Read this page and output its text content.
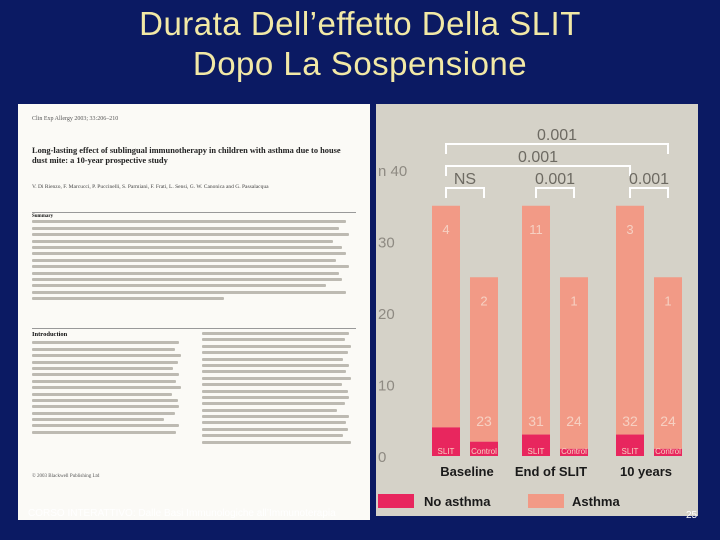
Durata Dell’effetto Della SLIT
Dopo La Sospensione
Clin Exp Allergy 2003; 33:206–210
Long-lasting effect of sublingual immunotherapy in children with asthma due to house dust mite: a 10-year prospective study
V. Di Rienzo, F. Marcucci, P. Puccinelli, S. Parmiani, F. Frati, L. Sensi, G. W. Canonica and G. Passalacqua

Summary

Introduction
© 2003 Blackwell Publishing Ltd
0
10
20
30
n 40
4
SLIT
23
2
Control
31
11
SLIT
24
1
Control
32
3
SLIT
24
1
Control
0.001
0.001
NS	0.001	0.001
Baseline End of SLIT	10 years
No asthma	Asthma
CORSO INTERATTIVO: Dalle Basi Immunologiche all’Immunoterapia	25
